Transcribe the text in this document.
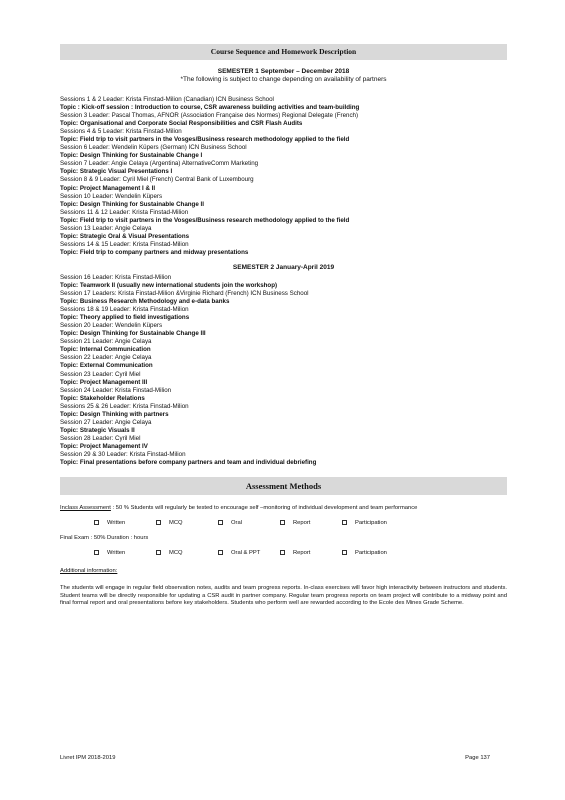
Course Sequence and Homework Description
SEMESTER 1 September – December 2018
*The following is subject to change depending on availability of partners
Sessions 1 & 2 Leader: Krista Finstad-Milion (Canadian) ICN Business School
Topic : Kick-off session : Introduction to course, CSR awareness building activities and team-building
Session 3 Leader: Pascal Thomas, AFNOR (Association Française des Normes) Regional Delegate (French)
Topic: Organisational and Corporate Social Responsibilities and CSR Flash Audits
Sessions 4 & 5 Leader: Krista Finstad-Milion
Topic: Field trip to visit partners in the Vosges/Business research methodology applied to the field
Session 6 Leader: Wendelin Küpers (German) ICN Business School
Topic: Design Thinking for Sustainable Change I
Session 7 Leader: Angie Celaya (Argentina) AlternativeComm Marketing
Topic: Strategic Visual Presentations I
Session 8 & 9 Leader: Cyril Miel (French) Central Bank of Luxembourg
Topic: Project Management I & II
Session 10 Leader: Wendelin Küpers
Topic: Design Thinking for Sustainable Change II
Sessions 11 & 12 Leader: Krista Finstad-Milion
Topic: Field trip to visit partners in the Vosges/Business research methodology applied to the field
Session 13 Leader: Angie Celaya
Topic: Strategic Oral & Visual Presentations
Sessions 14 & 15 Leader: Krista Finstad-Milion
Topic: Field trip to company partners and midway presentations
SEMESTER 2 January-April 2019
Session 16 Leader: Krista Finstad-Milion
Topic: Teamwork II (usually new international students join the workshop)
Session 17 Leaders: Krista Finstad-Milion &Virginie Richard (French) ICN Business School
Topic: Business Research Methodology and e-data banks
Sessions 18 & 19 Leader: Krista Finstad-Milion
Topic: Theory applied to field investigations
Session 20 Leader: Wendelin Küpers
Topic: Design Thinking for Sustainable Change III
Session 21 Leader: Angie Celaya
Topic: Internal Communication
Session 22 Leader: Angie Celaya
Topic: External Communication
Session 23 Leader: Cyril Miel
Topic: Project Management III
Session 24 Leader: Krista Finstad-Milion
Topic: Stakeholder Relations
Sessions 25 & 26 Leader: Krista Finstad-Milion
Topic: Design Thinking with partners
Session 27 Leader: Angie Celaya
Topic: Strategic Visuals II
Session 28 Leader: Cyril Miel
Topic: Project Management IV
Session 29 & 30 Leader: Krista Finstad-Milion
Topic: Final presentations before company partners and team and individual debriefing
Assessment Methods
Inclass Assessment : 50 % Students will regularly be tested to encourage self –monitoring of individual development and team performance
Written	MCQ	Oral	Report	Participation
Final Exam : 50% Duration : hours
Written	MCQ	Oral & PPT	Report	Participation
Additional information:
The students will engage in regular field observation notes, audits and team progress reports. In-class exercises will favor high interactivity between instructors and students. Student teams will be directly responsible for updating a CSR audit in partner company. Regular team progress reports on team project will contribute to a midway point and final formal report and oral presentations before key stakeholders. Students who perform well are rewarded according to the Ecole des Mines Grade Scheme.
Livret IPM 2018-2019	Page 137
